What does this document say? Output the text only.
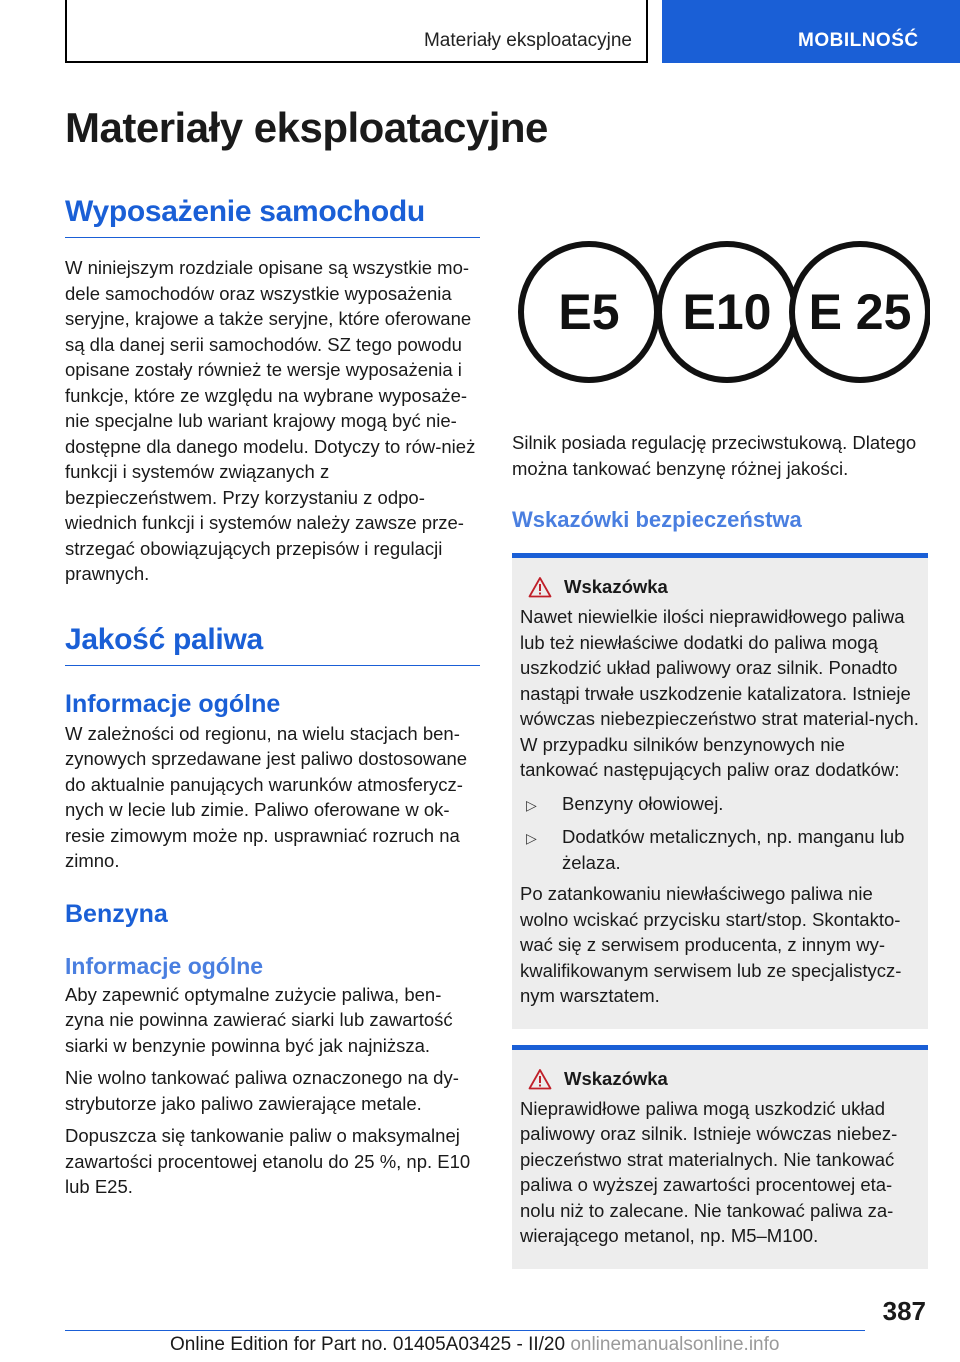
Materiały eksploatacyjne	MOBILNOŚĆ
Materiały eksploatacyjne
Wyposażenie samochodu

W niniejszym rozdziale opisane są wszystkie mo-dele samochodów oraz wszystkie wyposażenia seryjne, krajowe a także seryjne, które oferowane są dla danej serii samochodów. SZ tego powodu opisane zostały również te wersje wyposażenia i funkcje, które ze względu na wybrane wyposaże-nie specjalne lub wariant krajowy mogą być nie-dostępne dla danego modelu. Dotyczy to rów-nież funkcji i systemów związanych z bezpieczeństwem. Przy korzystaniu z odpo-wiednich funkcji i systemów należy zawsze prze-strzegać obowiązujących przepisów i regulacji prawnych.

Jakość paliwa
Informacje ogólne

W zależności od regionu, na wielu stacjach ben-zynowych sprzedawane jest paliwo dostosowane do aktualnie panujących warunków atmosferycz-nych w lecie lub zimie. Paliwo oferowane w ok-resie zimowym może np. usprawniać rozruch na zimno.

Benzyna
Informacje ogólne

Aby zapewnić optymalne zużycie paliwa, ben-zyna nie powinna zawierać siarki lub zawartość siarki w benzynie powinna być jak najniższa.

Nie wolno tankować paliwa oznaczonego na dy-strybutorze jako paliwo zawierające metale.

Dopuszcza się tankowanie paliw o maksymalnej zawartości procentowej etanolu do 25 %, np. E10 lub E25.

E5 E10 E 25

Silnik posiada regulację przeciwstukową. Dlatego można tankować benzynę różnej jakości.

Wskazówki bezpieczeństwa
Wskazówka

Nawet niewielkie ilości nieprawidłowego paliwa lub też niewłaściwe dodatki do paliwa mogą uszkodzić układ paliwowy oraz silnik. Ponadto nastąpi trwałe uszkodzenie katalizatora. Istnieje wówczas niebezpieczeństwo strat material-nych. W przypadku silników benzynowych nie tankować następujących paliw oraz dodatków:

▷	Benzyny ołowiowej.
▷	Dodatków metalicznych, np. manganu lub żelaza.

Po zatankowaniu niewłaściwego paliwa nie wolno wciskać przycisku start/stop. Skontakto-wać się z serwisem producenta, z innym wy-kwalifikowanym serwisem lub ze specjalistycz-nym warsztatem.

Wskazówka

Nieprawidłowe paliwa mogą uszkodzić układ paliwowy oraz silnik. Istnieje wówczas niebez-pieczeństwo strat materialnych. Nie tankować paliwa o wyższej zawartości procentowej eta-nolu niż to zalecane. Nie tankować paliwa za-wierającego metanol, np. M5–M100.

387
Online Edition for Part no. 01405A03425 - II/20 onlinemanualsonline.info
